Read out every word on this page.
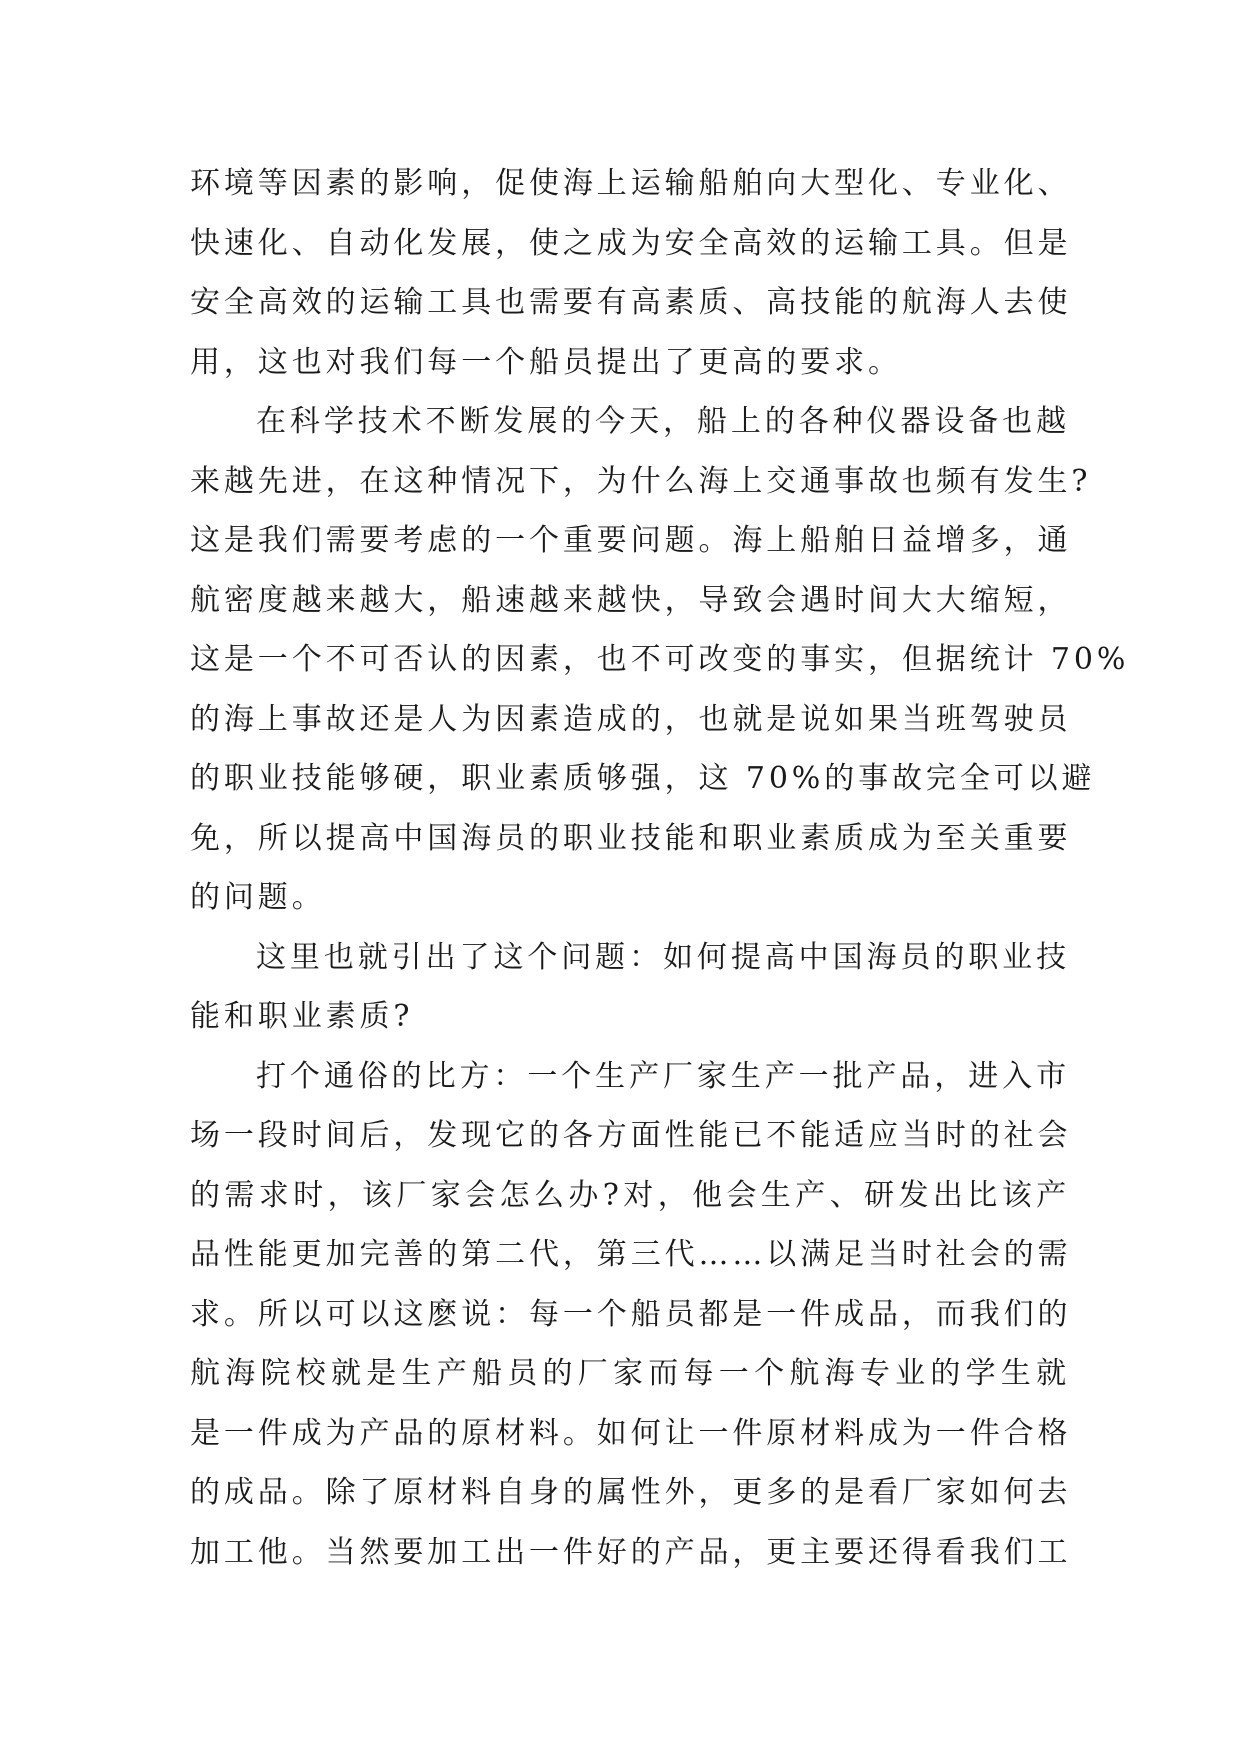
环境等因素的影响，促使海上运输船舶向大型化、专业化、
快速化、自动化发展，使之成为安全高效的运输工具。但是
安全高效的运输工具也需要有高素质、高技能的航海人去使
用，这也对我们每一个船员提出了更高的要求。
在科学技术不断发展的今天，船上的各种仪器设备也越
来越先进，在这种情况下，为什么海上交通事故也频有发生?
这是我们需要考虑的一个重要问题。海上船舶日益增多，通
航密度越来越大，船速越来越快，导致会遇时间大大缩短，
这是一个不可否认的因素，也不可改变的事实，但据统计 70%
的海上事故还是人为因素造成的，也就是说如果当班驾驶员
的职业技能够硬，职业素质够强，这 70%的事故完全可以避
免，所以提高中国海员的职业技能和职业素质成为至关重要
的问题。
这里也就引出了这个问题：如何提高中国海员的职业技
能和职业素质?
打个通俗的比方：一个生产厂家生产一批产品，进入市
场一段时间后，发现它的各方面性能已不能适应当时的社会
的需求时，该厂家会怎么办?对，他会生产、研发出比该产
品性能更加完善的第二代，第三代……以满足当时社会的需
求。所以可以这麽说：每一个船员都是一件成品，而我们的
航海院校就是生产船员的厂家而每一个航海专业的学生就
是一件成为产品的原材料。如何让一件原材料成为一件合格
的成品。除了原材料自身的属性外，更多的是看厂家如何去
加工他。当然要加工出一件好的产品，更主要还得看我们工
